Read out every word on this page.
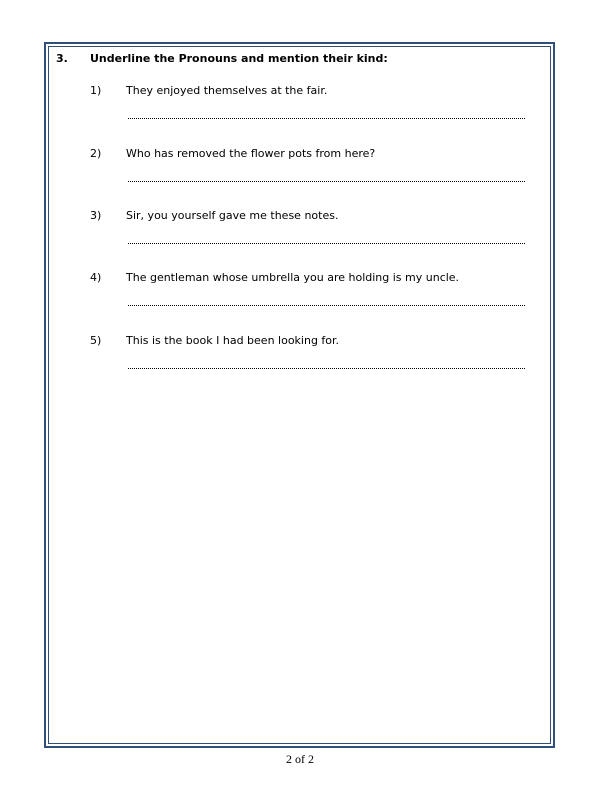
3. Underline the Pronouns and mention their kind:
1) They enjoyed themselves at the fair.
2) Who has removed the flower pots from here?
3) Sir, you yourself gave me these notes.
4) The gentleman whose umbrella you are holding is my uncle.
5) This is the book I had been looking for.
2 of 2
